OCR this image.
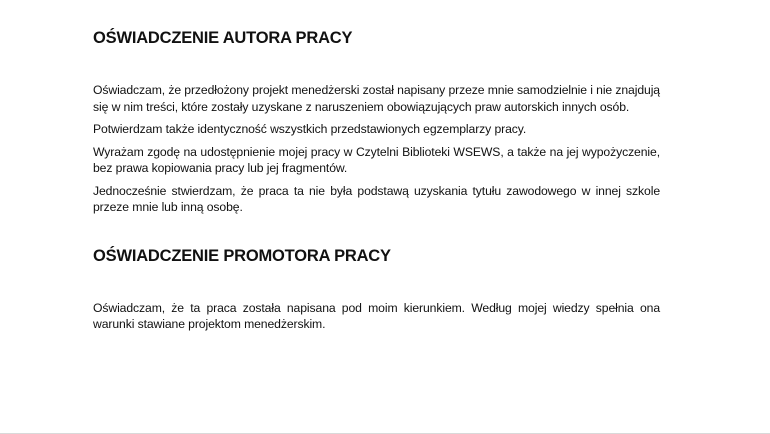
OŚWIADCZENIE AUTORA PRACY

Oświadczam, że przedłożony projekt menedżerski został napisany przeze mnie samodzielnie i nie znajdują się w nim treści, które zostały uzyskane z naruszeniem obowiązujących praw autorskich innych osób.

Potwierdzam także identyczność wszystkich przedstawionych egzemplarzy pracy.

Wyrażam zgodę na udostępnienie mojej pracy w Czytelni Biblioteki WSEWS, a także na jej wypożyczenie, bez prawa kopiowania pracy lub jej fragmentów.

Jednocześnie stwierdzam, że praca ta nie była podstawą uzyskania tytułu zawodowego w innej szkole przeze mnie lub inną osobę.

OŚWIADCZENIE PROMOTORA PRACY

Oświadczam, że ta praca została napisana pod moim kierunkiem. Według mojej wiedzy spełnia ona warunki stawiane projektom menedżerskim.
